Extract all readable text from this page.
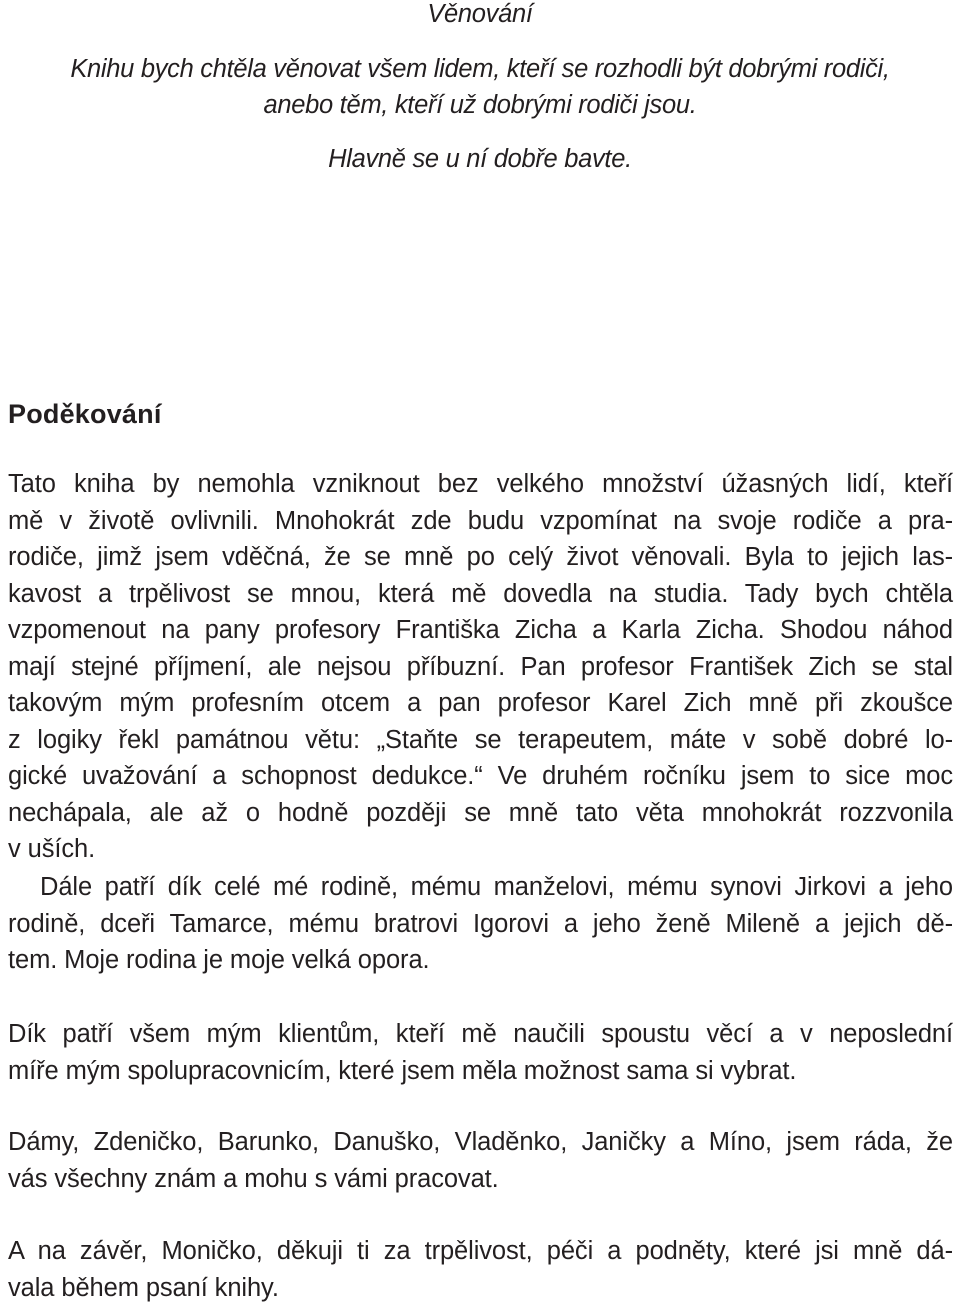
Věnování

Knihu bych chtěla věnovat všem lidem, kteří se rozhodli být dobrými rodiči,

anebo těm, kteří už dobrými rodiči jsou.

Hlavně se u ní dobře bavte.

Poděkování
Tato kniha by nemohla vzniknout bez velkého množství úžasných lidí, kteří
mě v životě ovlivnili. Mnohokrát zde budu vzpomínat na svoje rodiče a pra-
rodiče, jimž jsem vděčná, že se mně po celý život věnovali. Byla to jejich las-
kavost a trpělivost se mnou, která mě dovedla na studia. Tady bych chtěla
vzpomenout na pany profesory Františka Zicha a Karla Zicha. Shodou náhod
mají stejné příjmení, ale nejsou příbuzní. Pan profesor František Zich se stal
takovým mým profesním otcem a pan profesor Karel Zich mně při zkoušce
z logiky řekl památnou větu: „Staňte se terapeutem, máte v sobě dobré lo-
gické uvažování a schopnost dedukce.“ Ve druhém ročníku jsem to sice moc
nechápala, ale až o hodně později se mně tato věta mnohokrát rozzvonila
v uších.
Dále patří dík celé mé rodině, mému manželovi, mému synovi Jirkovi a jeho
rodině, dceři Tamarce, mému bratrovi Igorovi a jeho ženě Mileně a jejich dě-
tem. Moje rodina je moje velká opora.
Dík patří všem mým klientům, kteří mě naučili spoustu věcí a v neposlední
míře mým spolupracovnicím, které jsem měla možnost sama si vybrat.
Dámy, Zdeničko, Barunko, Danuško, Vladěnko, Janičky a Míno, jsem ráda, že
vás všechny znám a mohu s vámi pracovat.
A na závěr, Moničko, děkuji ti za trpělivost, péči a podněty, které jsi mně dá-
vala během psaní knihy.
